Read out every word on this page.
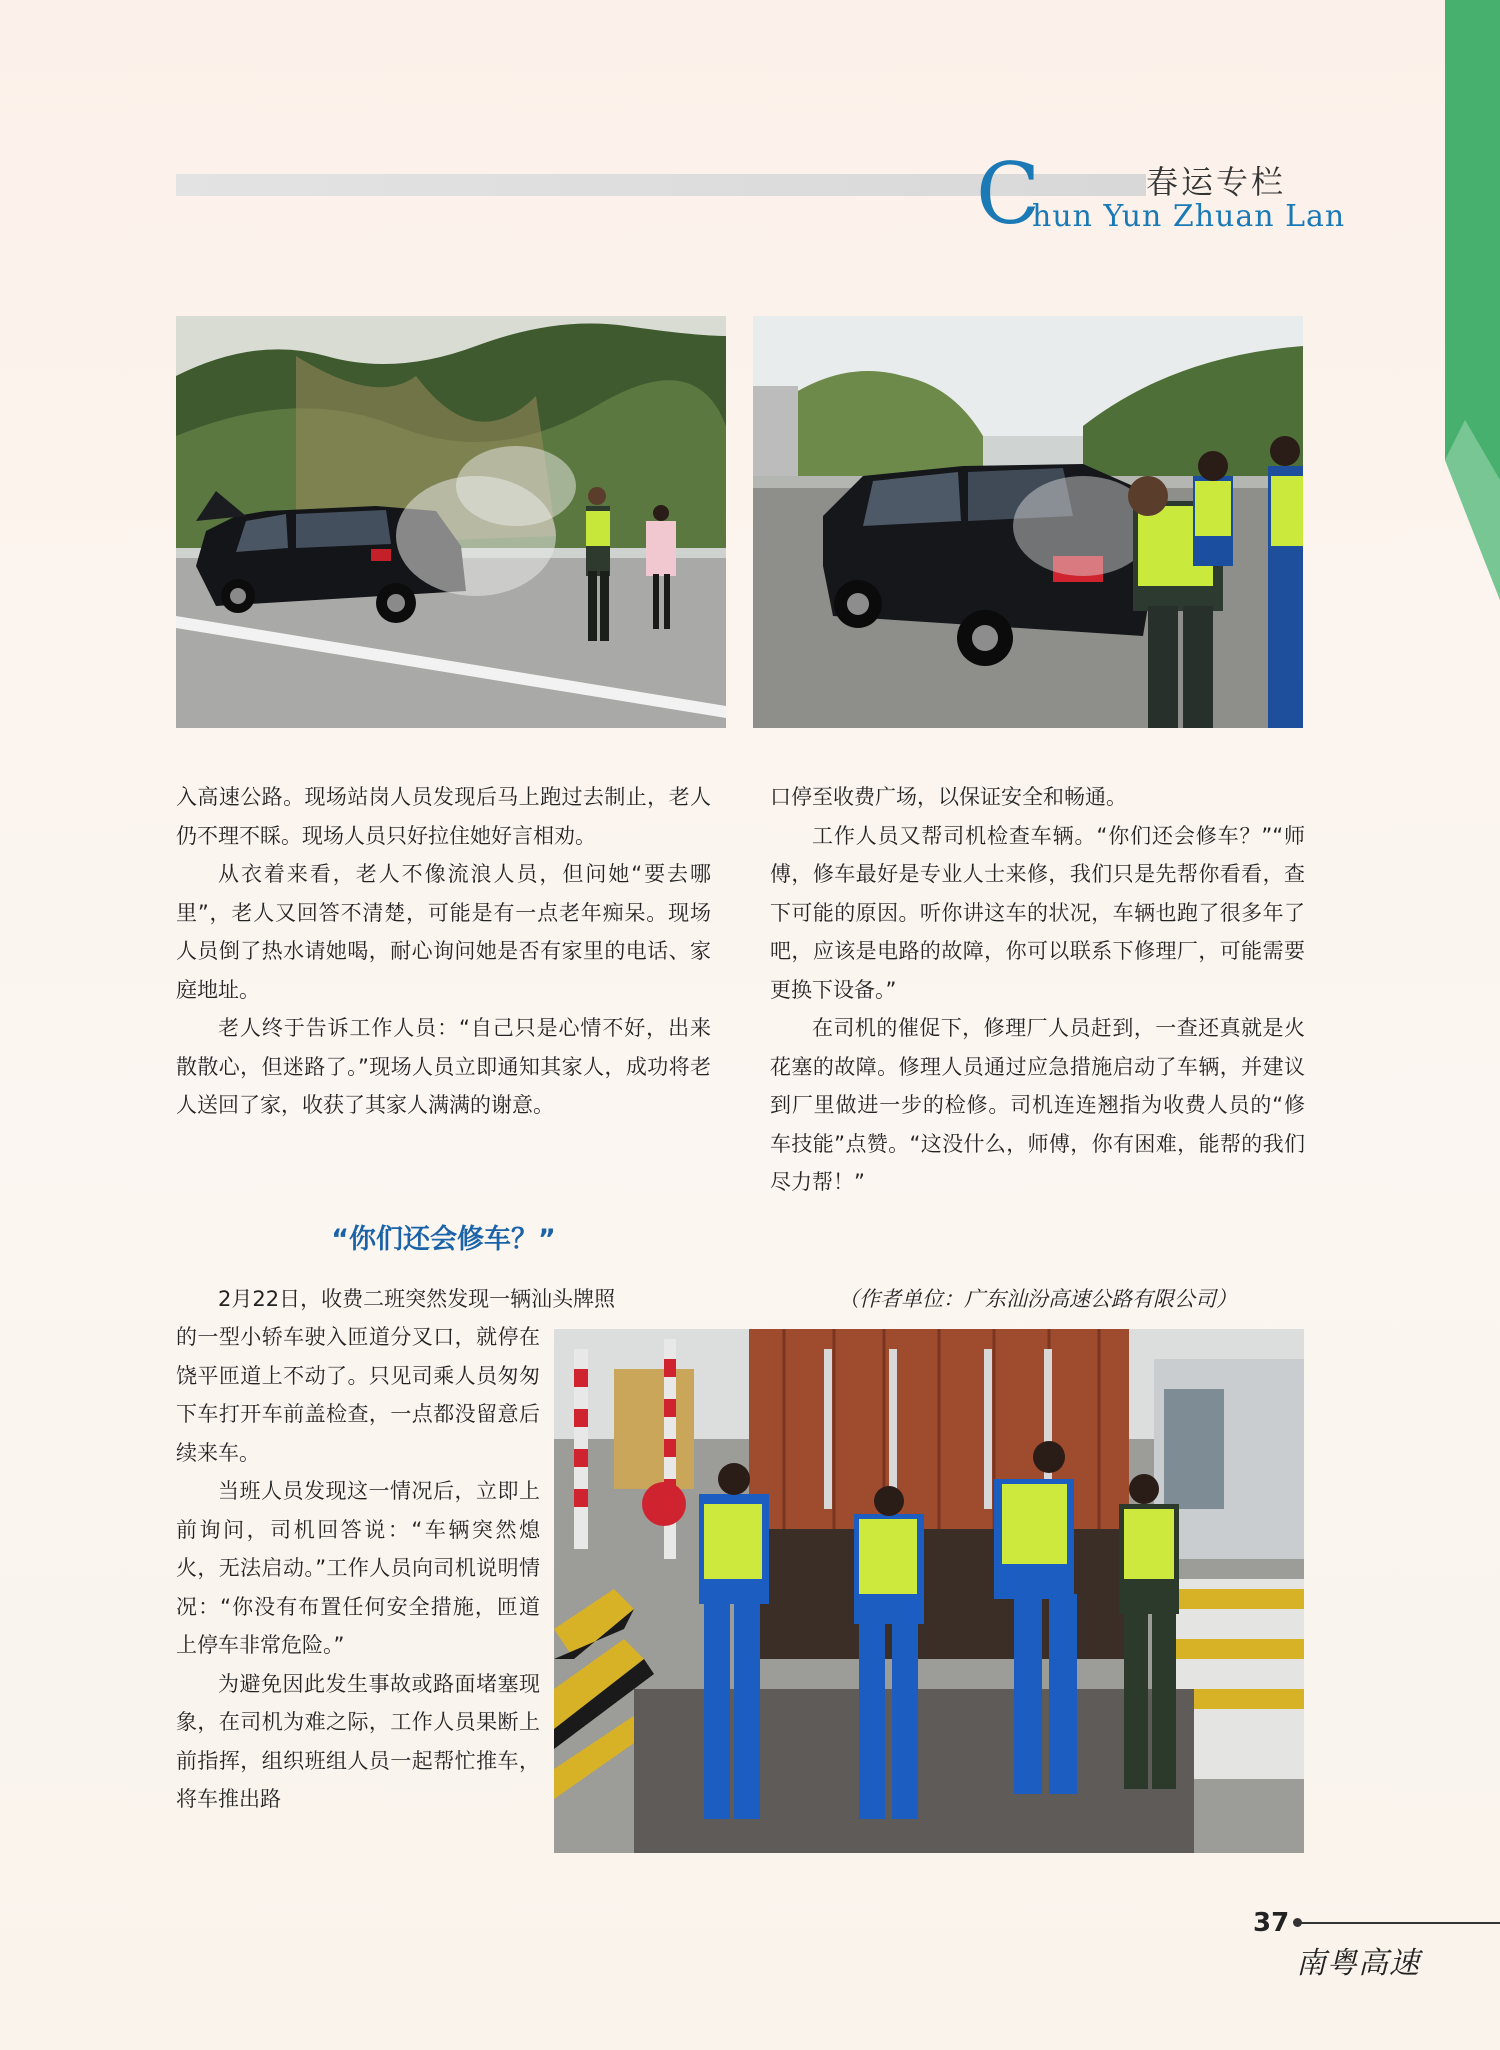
C	春运专栏
hun Yun Zhuan Lan

入高速公路。现场站岗人员发现后马上跑过去制止，老人仍不理不睬。现场人员只好拉住她好言相劝。

从衣着来看，老人不像流浪人员，但问她“要去哪里”，老人又回答不清楚，可能是有一点老年痴呆。现场人员倒了热水请她喝，耐心询问她是否有家里的电话、家庭地址。

老人终于告诉工作人员：“自己只是心情不好，出来散散心，但迷路了。”现场人员立即通知其家人，成功将老人送回了家，收获了其家人满满的谢意。

“你们还会修车？”

2月22日，收费二班突然发现一辆汕头牌照

的一型小轿车驶入匝道分叉口，就停在饶平匝道上不动了。只见司乘人员匆匆下车打开车前盖检查，一点都没留意后续来车。

当班人员发现这一情况后，立即上前询问，司机回答说：“车辆突然熄火，无法启动。”工作人员向司机说明情况：“你没有布置任何安全措施，匝道上停车非常危险。”

为避免因此发生事故或路面堵塞现象，在司机为难之际，工作人员果断上前指挥，组织班组人员一起帮忙推车，将车推出路

口停至收费广场，以保证安全和畅通。

工作人员又帮司机检查车辆。“你们还会修车？”“师傅，修车最好是专业人士来修，我们只是先帮你看看，查下可能的原因。听你讲这车的状况，车辆也跑了很多年了吧，应该是电路的故障，你可以联系下修理厂，可能需要更换下设备。”

在司机的催促下，修理厂人员赶到，一查还真就是火花塞的故障。修理人员通过应急措施启动了车辆，并建议到厂里做进一步的检修。司机连连翘指为收费人员的“修车技能”点赞。“这没什么，师傅，你有困难，能帮的我们尽力帮！”

（作者单位：广东汕汾高速公路有限公司）
37
南粤高速
